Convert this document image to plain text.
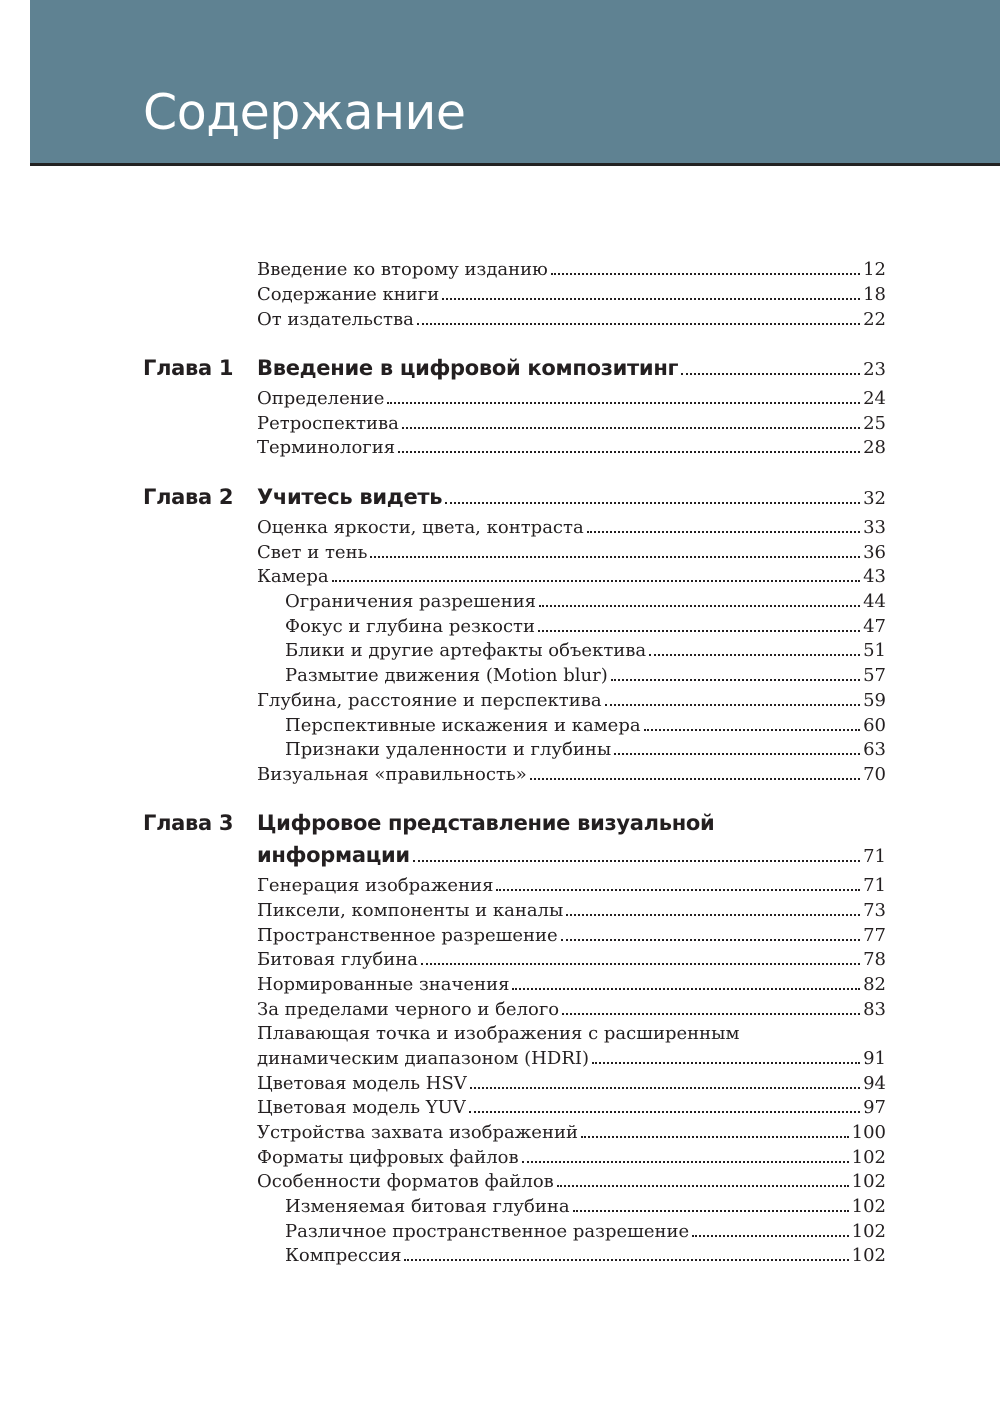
Содержание
Введение ко второму изданию	12
Содержание книги	18
От издательства	22
Глава 1 Введение в цифровой композитинг	23
Определение	24
Ретроспектива	25
Терминология	28
Глава 2 Учитесь видеть	32
Оценка яркости, цвета, контраста	33
Свет и тень	36
Камера	43
Ограничения разрешения	44
Фокус и глубина резкости	47
Блики и другие артефакты объектива	51
Размытие движения (Motion blur)	57
Глубина, расстояние и перспектива	59
Перспективные искажения и камера	60
Признаки удаленности и глубины	63
Визуальная «правильность»	70
Глава 3 Цифровое представление визуальной
информации	71
Генерация изображения	71
Пиксели, компоненты и каналы	73
Пространственное разрешение	77
Битовая глубина	78
Нормированные значения	82
За пределами черного и белого	83
Плавающая точка и изображения с расширенным
динамическим диапазоном (HDRI)	91
Цветовая модель HSV	94
Цветовая модель YUV	97
Устройства захвата изображений	100
Форматы цифровых файлов	102
Особенности форматов файлов	102
Изменяемая битовая глубина	102
Различное пространственное разрешение	102
Компрессия	102
